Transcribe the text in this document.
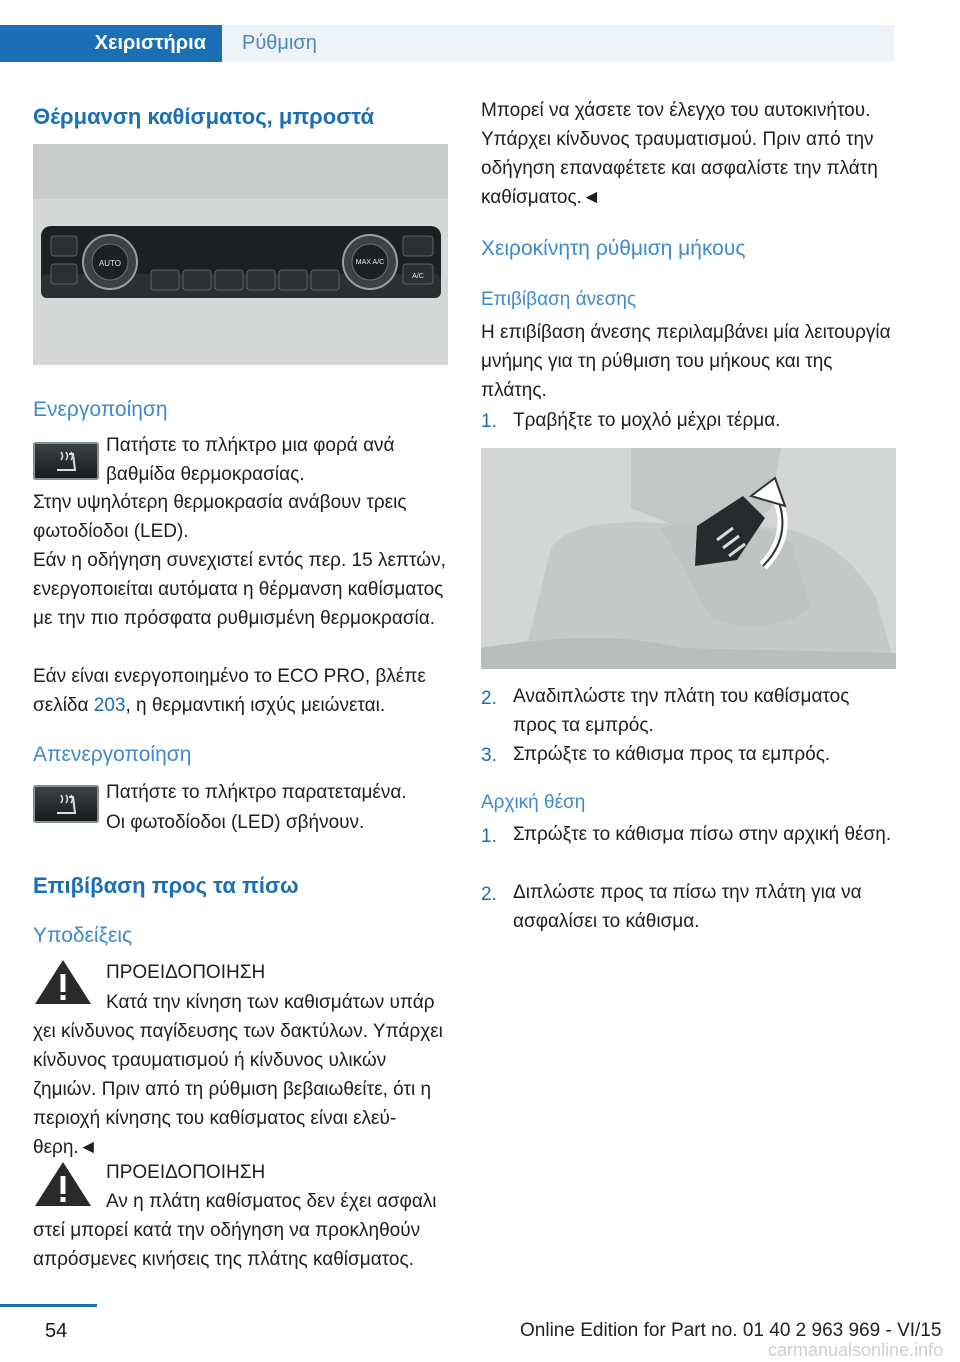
Χειριστήρια	Ρύθμιση
Θέρμανση καθίσματος, μπροστά
AUTO	MAX A/C
A/C
Ενεργοποίηση

Πατήστε το πλήκτρο μια φορά ανά βαθμίδα θερμοκρασίας.

Στην υψηλότερη θερμοκρασία ανάβουν τρεις φωτοδίοδοι (LED).

Εάν η οδήγηση συνεχιστεί εντός περ. 15 λεπτών, ενεργοποιείται αυτόματα η θέρμανση καθίσματος με την πιο πρόσφατα ρυθμισμένη θερμοκρασία.

Εάν είναι ενεργοποιημένο το ECO PRO, βλέπε σελίδα 203, η θερμαντική ισχύς μειώνεται.

Απενεργοποίηση

Πατήστε το πλήκτρο παρατεταμένα.

Οι φωτοδίοδοι (LED) σβήνουν.

Επιβίβαση προς τα πίσω
Υποδείξεις

ΠΡΟΕΙΔΟΠΟΙΗΣΗ

Κατά την κίνηση των καθισμάτων υπάρ

χει κίνδυνος παγίδευσης των δακτύλων. Υπάρχει κίνδυνος τραυματισμού ή κίνδυνος υλικών ζημιών. Πριν από τη ρύθμιση βεβαιωθείτε, ότι η περιοχή κίνησης του καθίσματος είναι ελεύθερη.◄

ΠΡΟΕΙΔΟΠΟΙΗΣΗ

Αν η πλάτη καθίσματος δεν έχει ασφαλι

στεί μπορεί κατά την οδήγηση να προκληθούν απρόσμενες κινήσεις της πλάτης καθίσματος.

Μπορεί να χάσετε τον έλεγχο του αυτοκινήτου. Υπάρχει κίνδυνος τραυματισμού. Πριν από την οδήγηση επαναφέτετε και ασφαλίστε την πλάτη καθίσματος.◄

Χειροκίνητη ρύθμιση μήκους
Επιβίβαση άνεσης

Η επιβίβαση άνεσης περιλαμβάνει μία λειτουργία μνήμης για τη ρύθμιση του μήκους και της πλάτης.

1. Τραβήξτε το μοχλό μέχρι τέρμα.

2. Αναδιπλώστε την πλάτη του καθίσματος προς τα εμπρός.

3. Σπρώξτε το κάθισμα προς τα εμπρός.

Αρχική θέση
1. Σπρώξτε το κάθισμα πίσω στην αρχική θέση.

2. Διπλώστε προς τα πίσω την πλάτη για να ασφαλίσει το κάθισμα.

54	Online Edition for Part no. 01 40 2 963 969 - VI/15
carmanualsonline.info
